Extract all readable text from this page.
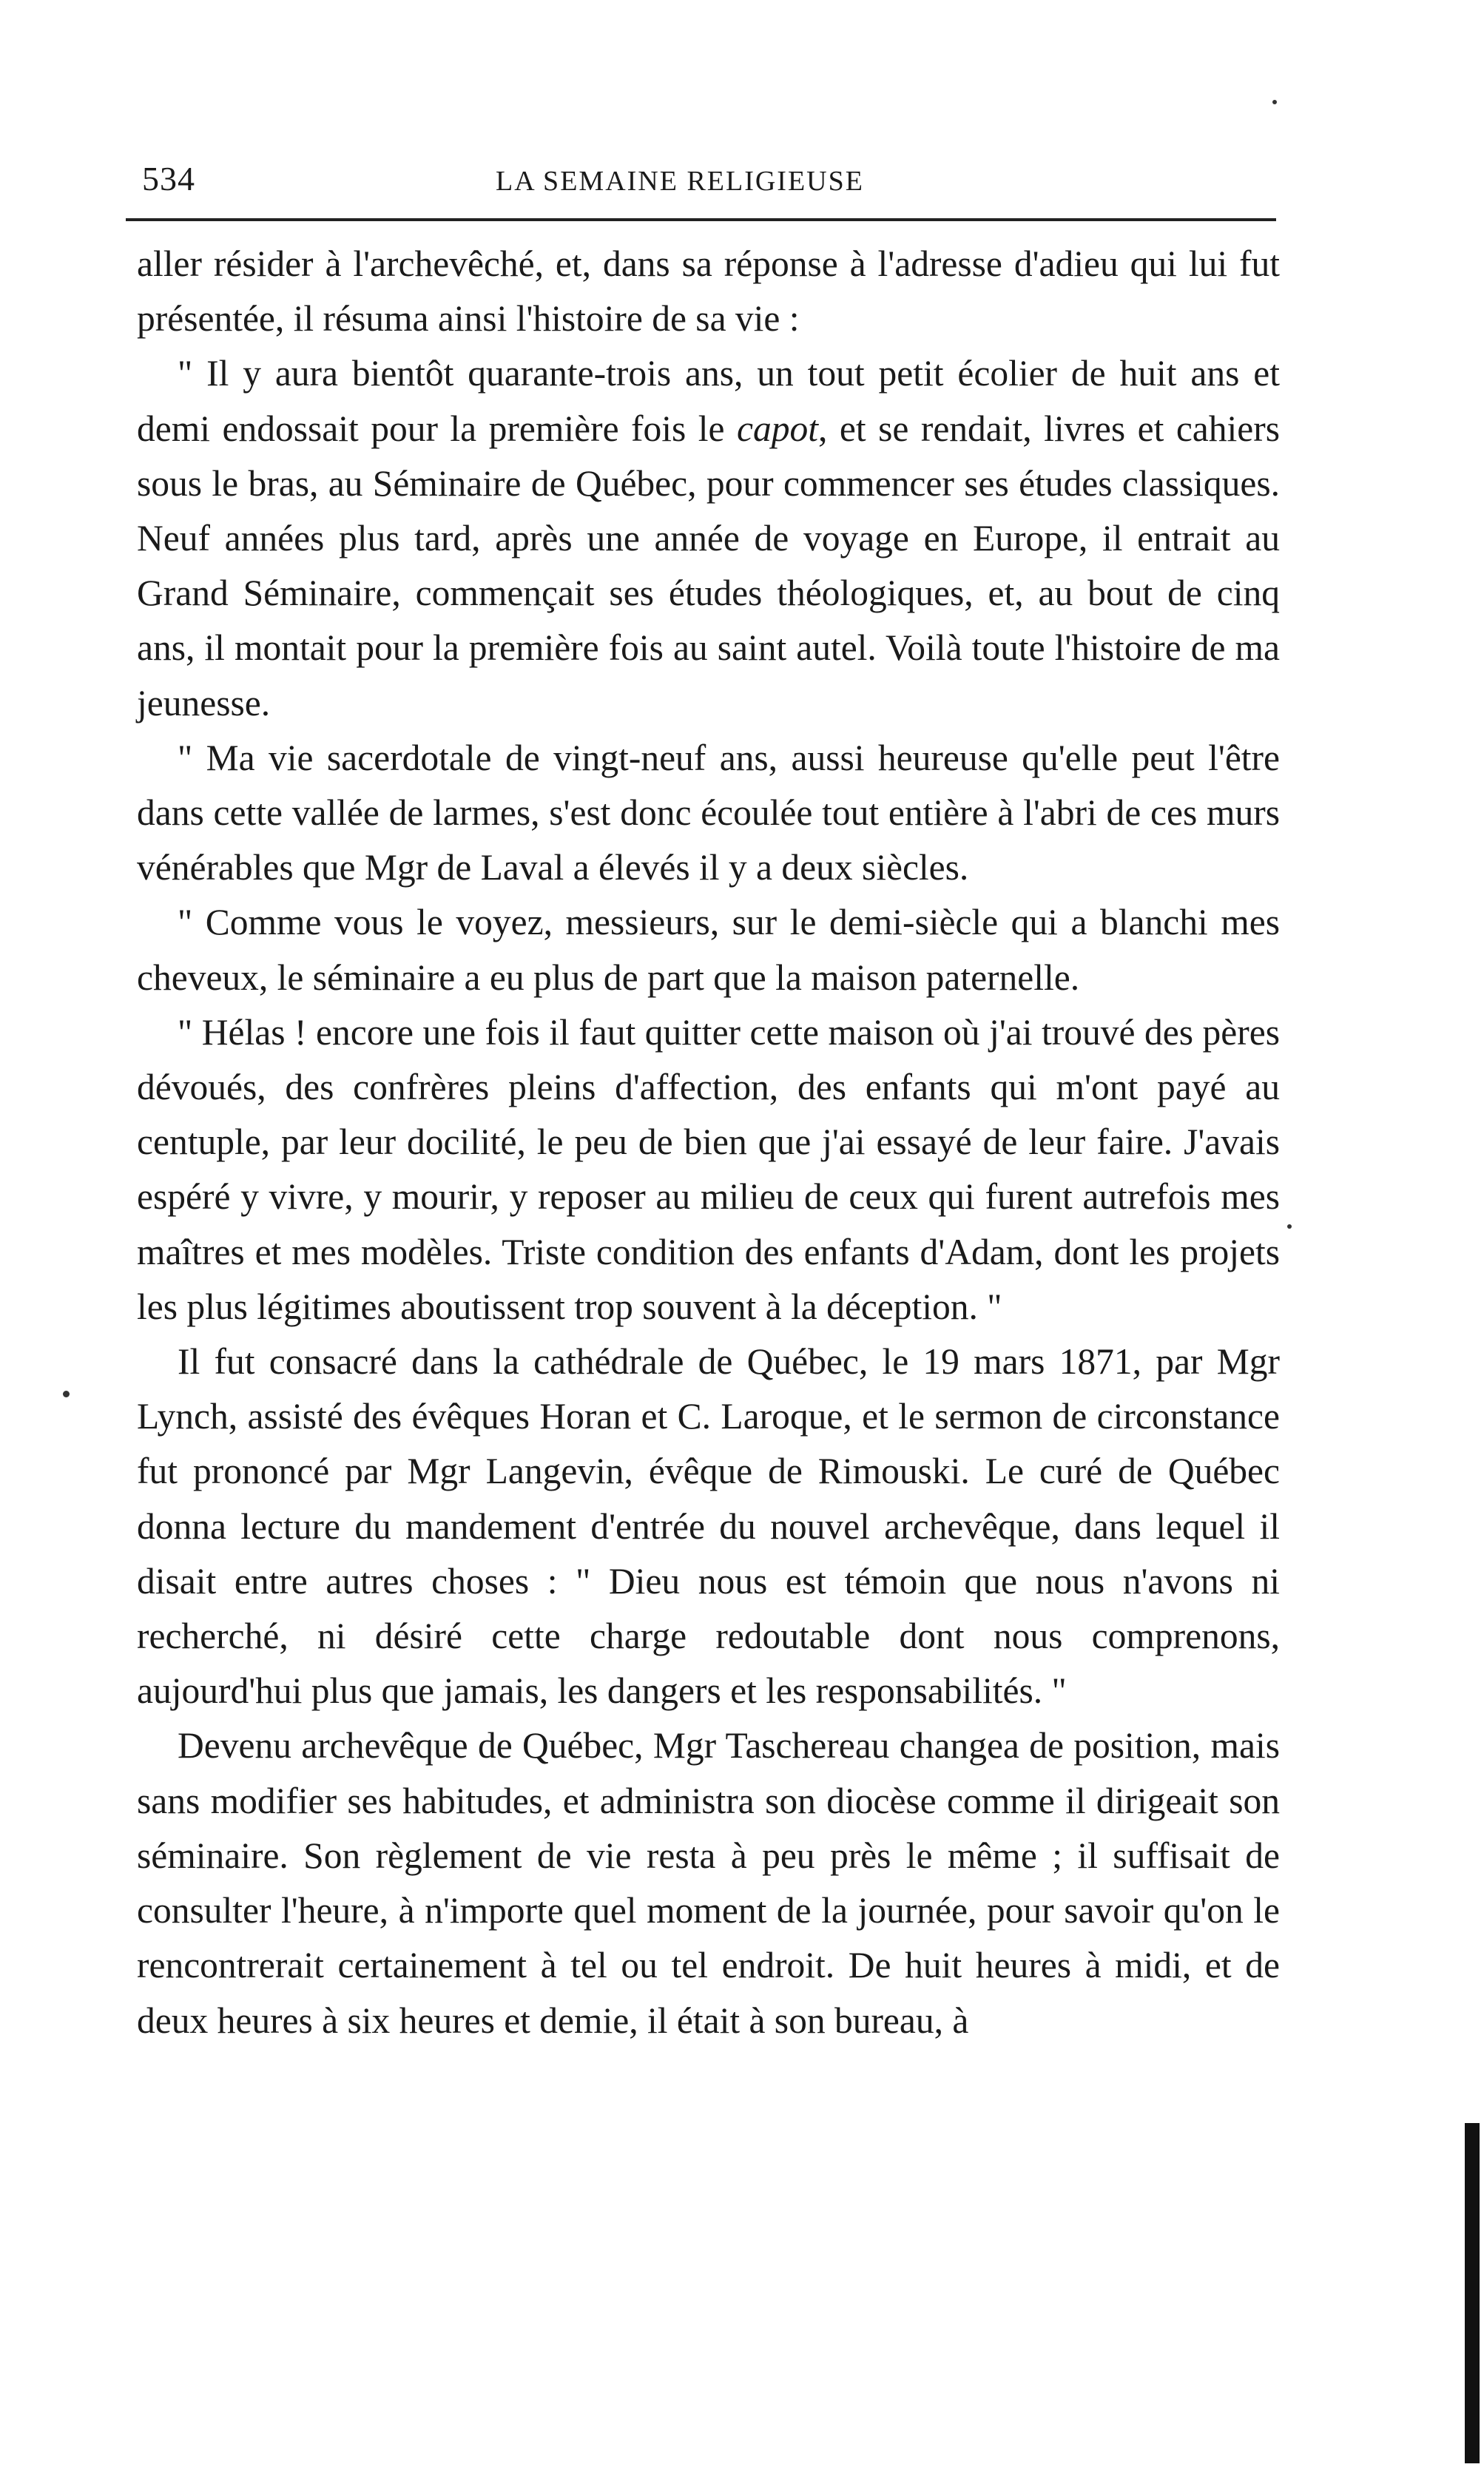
534	LA SEMAINE RELIGIEUSE

aller résider à l'archevêché, et, dans sa réponse à l'adresse d'adieu qui lui fut présentée, il résuma ainsi l'histoire de sa vie :

" Il y aura bientôt quarante-trois ans, un tout petit écolier de huit ans et demi endossait pour la première fois le capot, et se rendait, livres et cahiers sous le bras, au Séminaire de Québec, pour commencer ses études classiques. Neuf années plus tard, après une année de voyage en Europe, il entrait au Grand Séminaire, commençait ses études théologiques, et, au bout de cinq ans, il montait pour la première fois au saint autel. Voilà toute l'histoire de ma jeunesse.

" Ma vie sacerdotale de vingt-neuf ans, aussi heureuse qu'elle peut l'être dans cette vallée de larmes, s'est donc écoulée tout entière à l'abri de ces murs vénérables que Mgr de Laval a élevés il y a deux siècles.

" Comme vous le voyez, messieurs, sur le demi-siècle qui a blanchi mes cheveux, le séminaire a eu plus de part que la maison paternelle.

" Hélas ! encore une fois il faut quitter cette maison où j'ai trouvé des pères dévoués, des confrères pleins d'affection, des enfants qui m'ont payé au centuple, par leur docilité, le peu de bien que j'ai essayé de leur faire. J'avais espéré y vivre, y mourir, y reposer au milieu de ceux qui furent autrefois mes maîtres et mes modèles. Triste condition des enfants d'Adam, dont les projets les plus légitimes aboutissent trop souvent à la déception. "

Il fut consacré dans la cathédrale de Québec, le 19 mars 1871, par Mgr Lynch, assisté des évêques Horan et C. Laroque, et le sermon de circonstance fut prononcé par Mgr Langevin, évêque de Rimouski. Le curé de Québec donna lecture du mandement d'entrée du nouvel archevêque, dans lequel il disait entre autres choses : " Dieu nous est témoin que nous n'avons ni recherché, ni désiré cette charge redoutable dont nous comprenons, aujourd'hui plus que jamais, les dangers et les responsabilités. "

Devenu archevêque de Québec, Mgr Taschereau changea de position, mais sans modifier ses habitudes, et administra son diocèse comme il dirigeait son séminaire. Son règlement de vie resta à peu près le même ; il suffisait de consulter l'heure, à n'importe quel moment de la journée, pour savoir qu'on le rencontrerait certainement à tel ou tel endroit. De huit heures à midi, et de deux heures à six heures et demie, il était à son bureau, à
